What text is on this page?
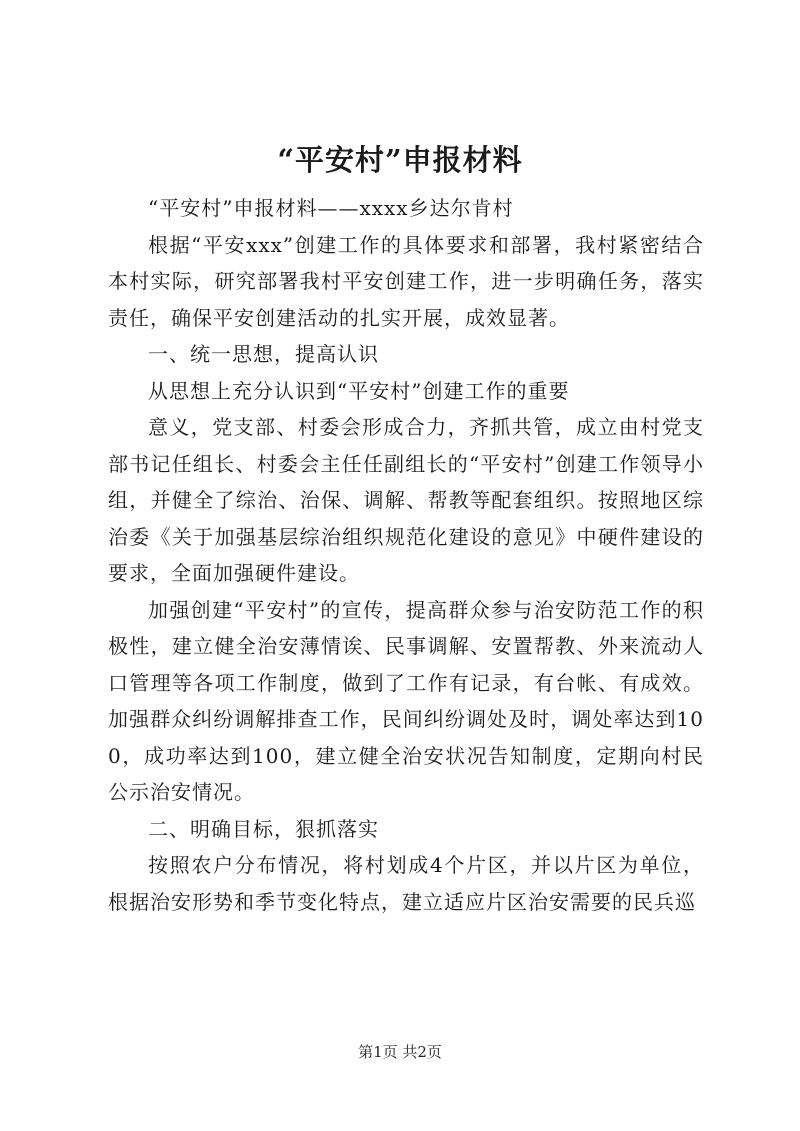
“平安村”申报材料

“平安村”申报材料——xxxx乡达尔肯村

根据“平安xxx”创建工作的具体要求和部署，我村紧密结合本村实际，研究部署我村平安创建工作，进一步明确任务，落实责任，确保平安创建活动的扎实开展，成效显著。

一、统一思想，提高认识

从思想上充分认识到“平安村”创建工作的重要

意义，党支部、村委会形成合力，齐抓共管，成立由村党支部书记任组长、村委会主任任副组长的“平安村”创建工作领导小组，并健全了综治、治保、调解、帮教等配套组织。按照地区综治委《关于加强基层综治组织规范化建设的意见》中硬件建设的要求，全面加强硬件建设。

加强创建“平安村”的宣传，提高群众参与治安防范工作的积极性，建立健全治安薄情诶、民事调解、安置帮教、外来流动人口管理等各项工作制度，做到了工作有记录，有台帐、有成效。加强群众纠纷调解排查工作，民间纠纷调处及时，调处率达到100，成功率达到100，建立健全治安状况告知制度，定期向村民公示治安情况。

二、明确目标，狠抓落实

按照农户分布情况，将村划成4个片区，并以片区为单位，根据治安形势和季节变化特点，建立适应片区治安需要的民兵巡

第1页 共2页
